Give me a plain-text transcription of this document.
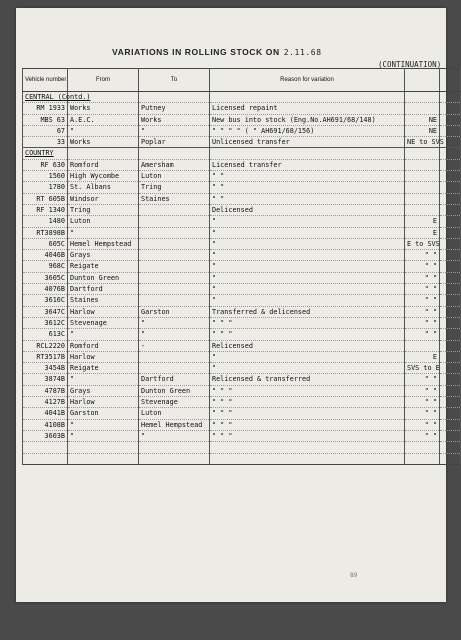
VARIATIONS IN ROLLING STOCK ON 2.11.68
(CONTINUATION)
Vehicle number	From	To	Reason for variation		
CENTRAL (Contd.)					
RM 1933	Works	Putney	Licensed repaint		
MBS 63	A.E.C.	Works	New bus into stock (Eng.No.AH691/68/148)	NE	
67	"	"	" " " " ( " AH691/68/156)	NE	
33	Works	Poplar	Unlicensed transfer	NE to SVS	
COUNTRY					
RF 630	Romford	Amersham	Licensed transfer		
1560	High Wycombe	Luton	" "		
1780	St. Albans	Tring	" "		
RT 605B	Windsor	Staines	" "		
RF 1340	Tring		Delicensed		
1480	Luton		"	E	
RT3898B	"		"	E	
605C	Hemel Hempstead		"	E to SVS	
4046B	Grays		"	" "	
968C	Reigate		"	" "	
3605C	Dunton Green		"	" "	
4076B	Dartford		"	" "	
3616C	Staines		"	" "	
3647C	Harlow	Garston	Transferred & delicensed	" "	
3612C	Stevenage	"	" " "	" "	
613C	"	"	" " "	" "	
RCL2220	Romford	-	Relicensed		
RT3517B	Harlow		"	E	
3454B	Reigate		"	SVS to E	
3874B	"	Dartford	Relicensed & transferred	" "	
4787B	Grays	Dunton Green	" " "	" "	
4127B	Harlow	Stevenage	" " "	" "	
4041B	Garston	Luton	" " "	" "	
4108B	"	Hemel Hempstead	" " "	" "	
3603B	"	"	" " "	" "	

89
